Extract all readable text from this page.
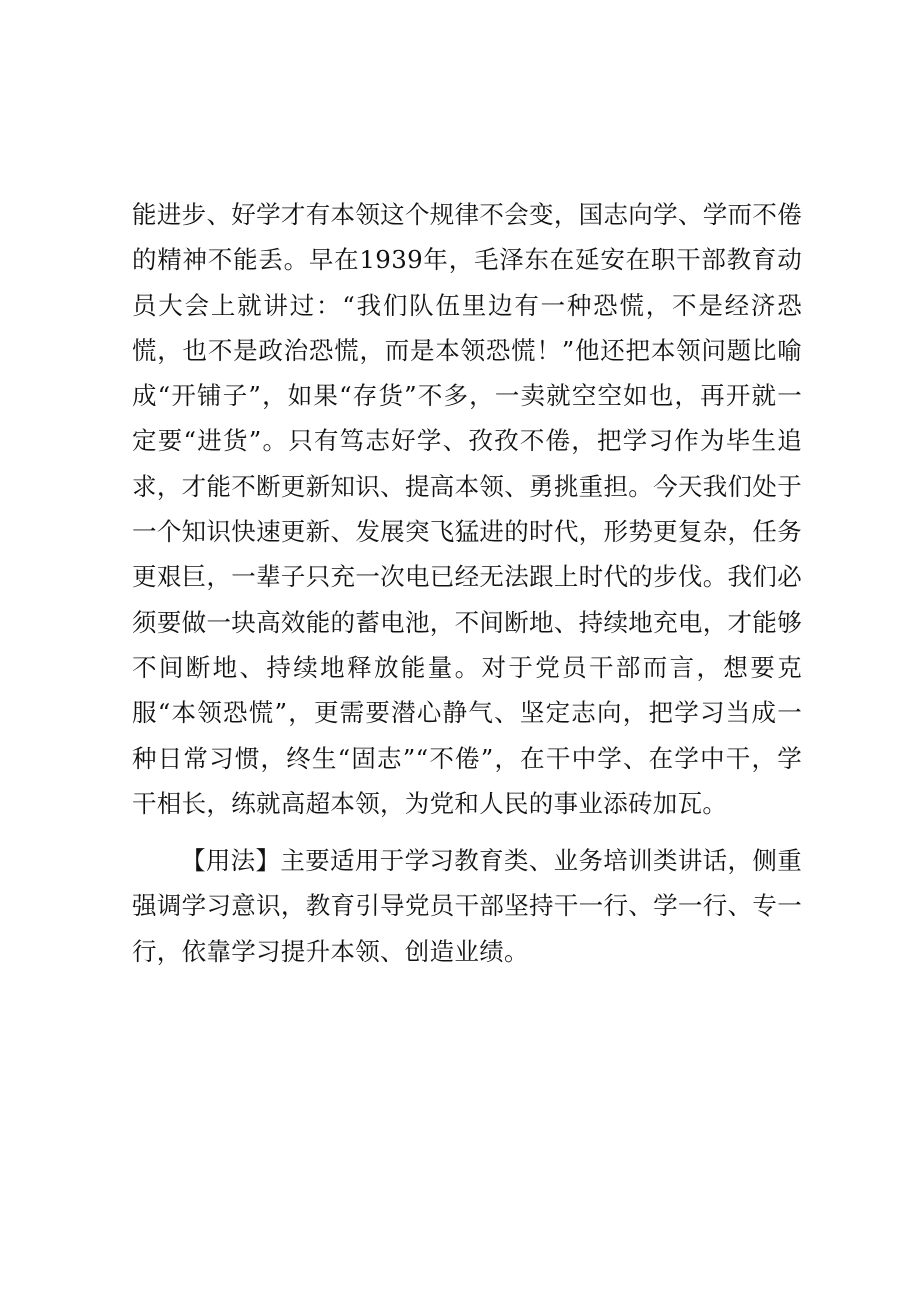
能进步、好学才有本领这个规律不会变，国志向学、学而不倦的精神不能丢。早在1939年，毛泽东在延安在职干部教育动员大会上就讲过：“我们队伍里边有一种恐慌，不是经济恐慌，也不是政治恐慌，而是本领恐慌！”他还把本领问题比喻成“开铺子”，如果“存货”不多，一卖就空空如也，再开就一定要“进货”。只有笃志好学、孜孜不倦，把学习作为毕生追求，才能不断更新知识、提高本领、勇挑重担。今天我们处于一个知识快速更新、发展突飞猛进的时代，形势更复杂，任务更艰巨，一辈子只充一次电已经无法跟上时代的步伐。我们必须要做一块高效能的蓄电池，不间断地、持续地充电，才能够不间断地、持续地释放能量。对于党员干部而言，想要克服“本领恐慌”，更需要潜心静气、坚定志向，把学习当成一种日常习惯，终生“固志”“不倦”，在干中学、在学中干，学干相长，练就高超本领，为党和人民的事业添砖加瓦。

【用法】主要适用于学习教育类、业务培训类讲话，侧重强调学习意识，教育引导党员干部坚持干一行、学一行、专一行，依靠学习提升本领、创造业绩。
